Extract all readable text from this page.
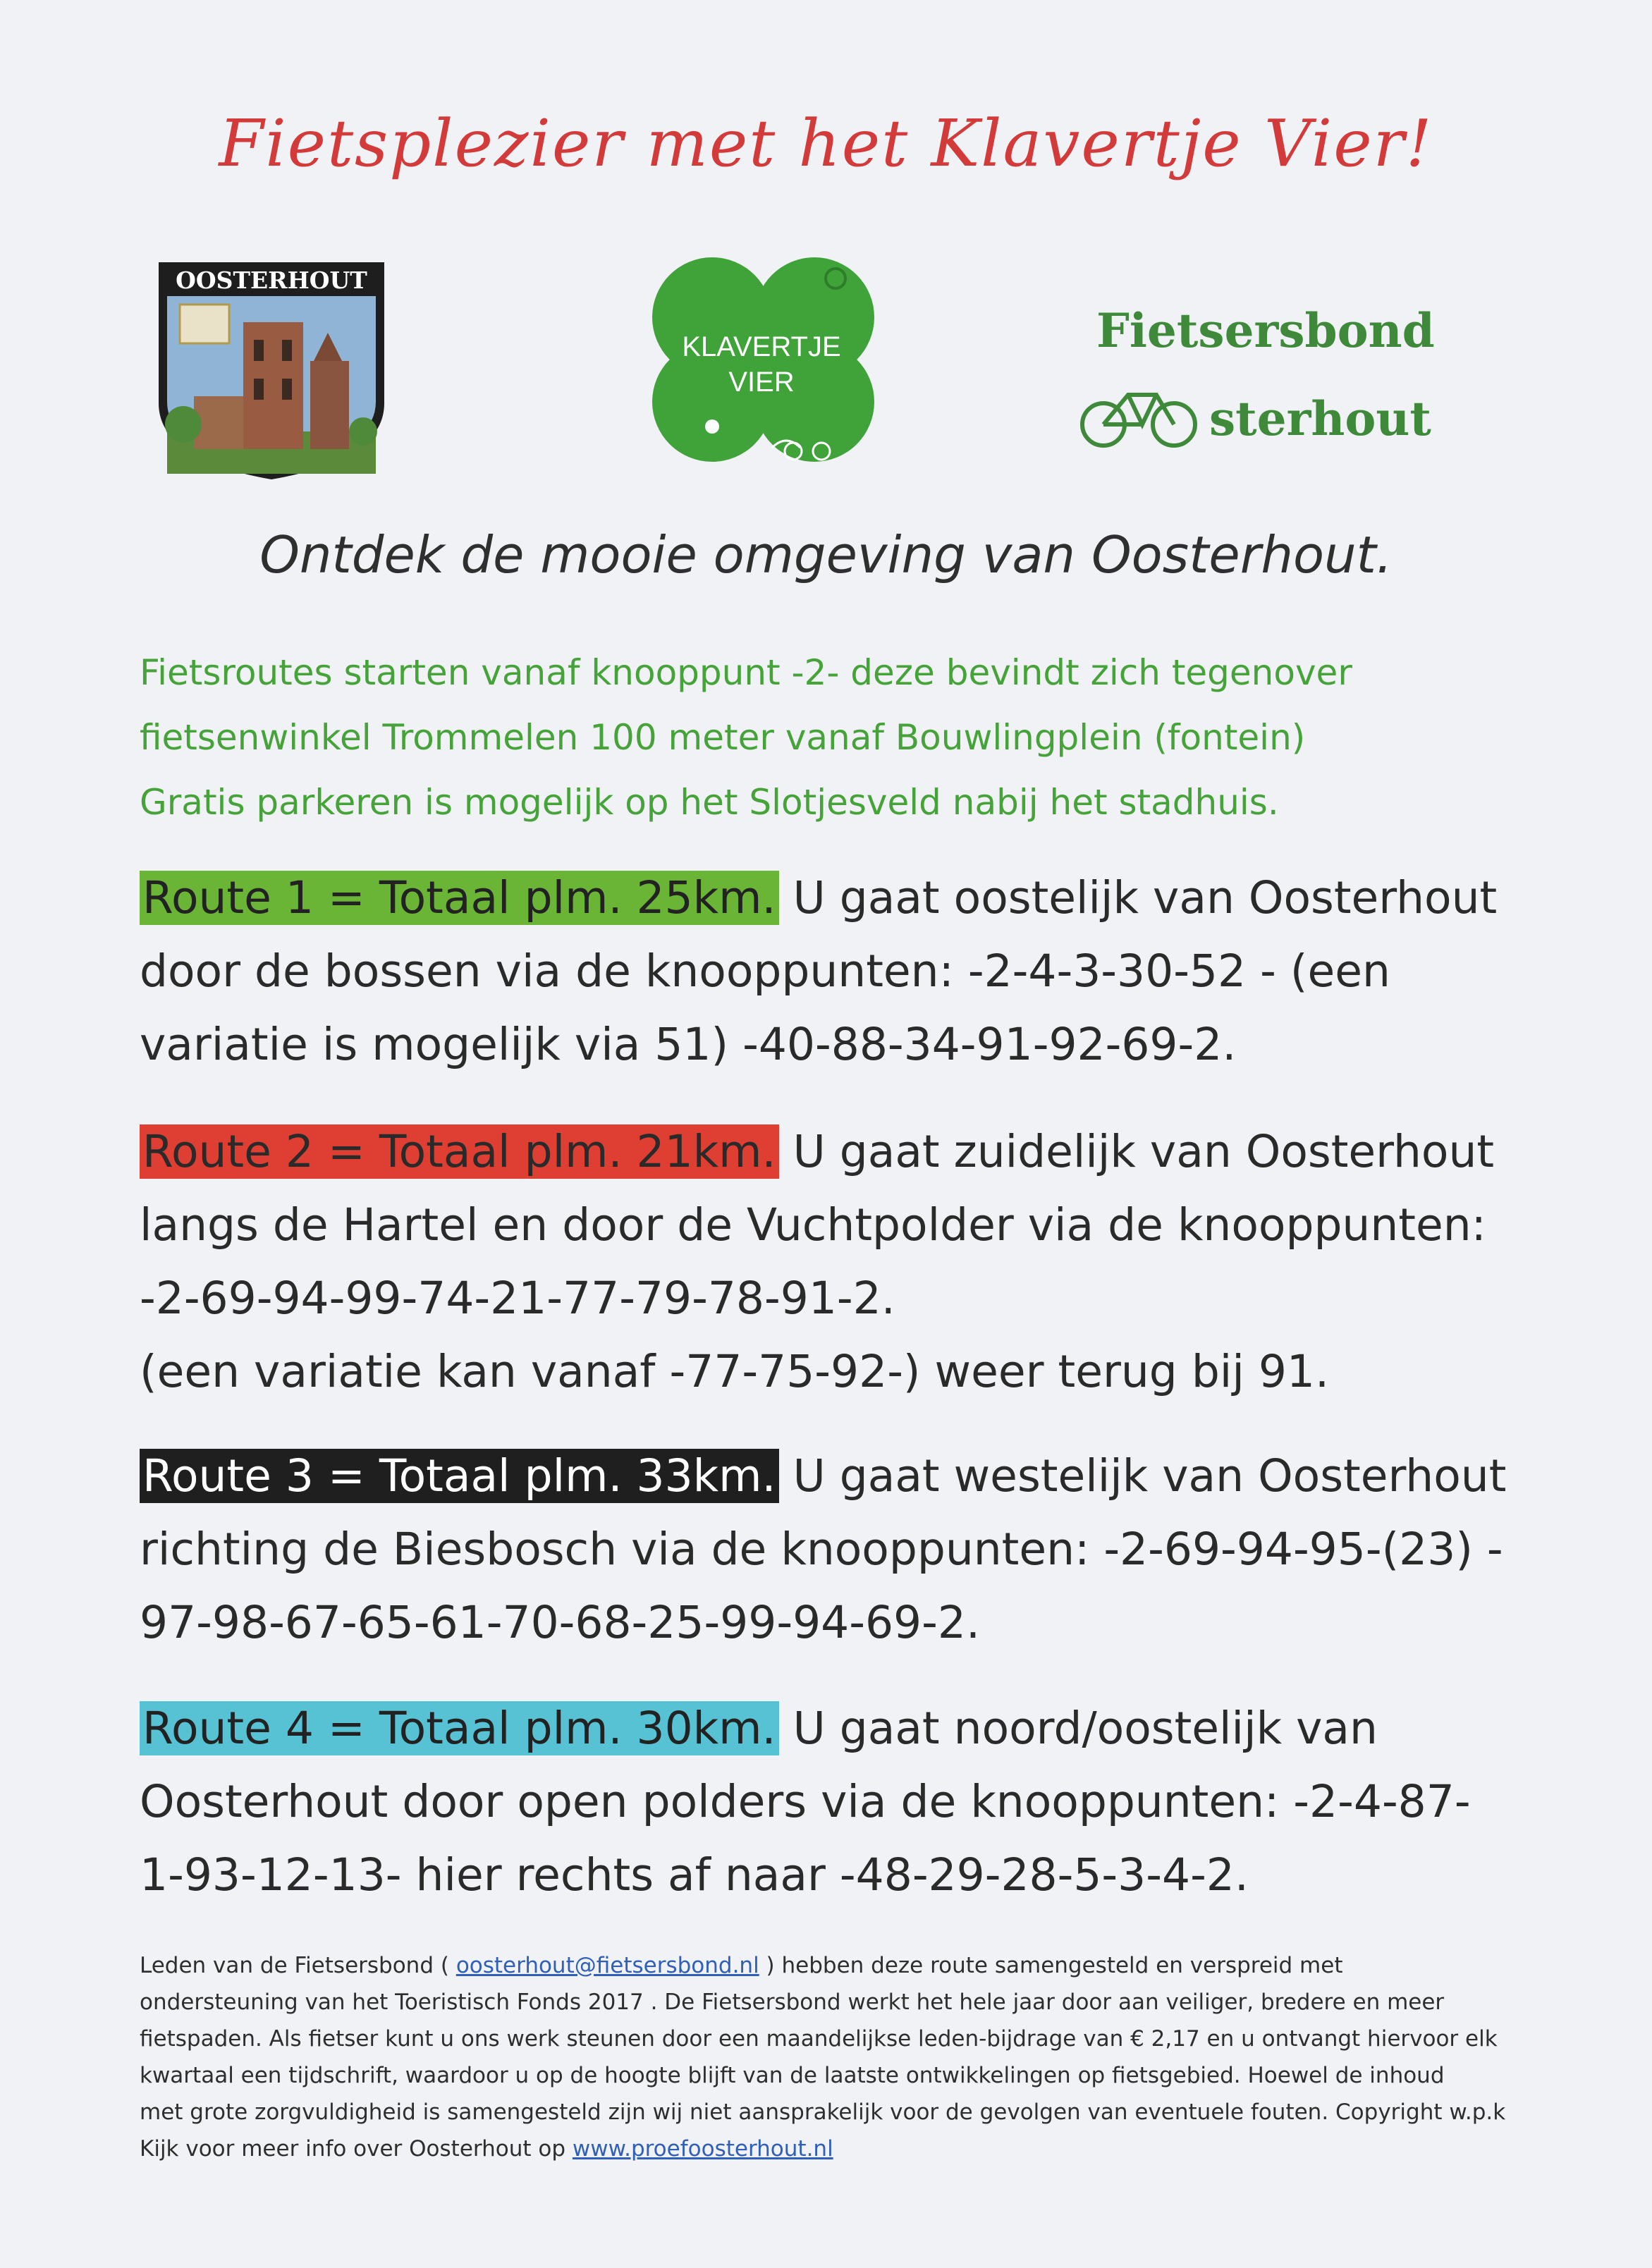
Fietsplezier met het Klavertje Vier!
OOSTERHOUT
KLAVERTJE
VIER
Fietsersbond
sterhout
Ontdek de mooie omgeving van Oosterhout.

Fietsroutes starten vanaf knooppunt -2- deze bevindt zich tegenover

fietsenwinkel Trommelen 100 meter vanaf Bouwlingplein (fontein)

Gratis parkeren is mogelijk op het Slotjesveld nabij het stadhuis.

Route 1 = Totaal plm. 25km. U gaat oostelijk van Oosterhout

door de bossen via de knooppunten: -2-4-3-30-52 - (een

variatie is mogelijk via 51) -40-88-34-91-92-69-2.

Route 2 = Totaal plm. 21km. U gaat zuidelijk van Oosterhout

langs de Hartel en door de Vuchtpolder via de knooppunten:

-2-69-94-99-74-21-77-79-78-91-2.

(een variatie kan vanaf -77-75-92-) weer terug bij 91.

Route 3 = Totaal plm. 33km. U gaat westelijk van Oosterhout

richting de Biesbosch via de knooppunten: -2-69-94-95-(23) -

97-98-67-65-61-70-68-25-99-94-69-2.

Route 4 = Totaal plm. 30km. U gaat noord/oostelijk van

Oosterhout door open polders via de knooppunten: -2-4-87-

1-93-12-13- hier rechts af naar -48-29-28-5-3-4-2.

Leden van de Fietsersbond ( oosterhout@fietsersbond.nl ) hebben deze route samengesteld en verspreid met

ondersteuning van het Toeristisch Fonds 2017 . De Fietsersbond werkt het hele jaar door aan veiliger, bredere en meer

fietspaden. Als fietser kunt u ons werk steunen door een maandelijkse leden-bijdrage van € 2,17 en u ontvangt hiervoor elk

kwartaal een tijdschrift, waardoor u op de hoogte blijft van de laatste ontwikkelingen op fietsgebied. Hoewel de inhoud

met grote zorgvuldigheid is samengesteld zijn wij niet aansprakelijk voor de gevolgen van eventuele fouten. Copyright w.p.k

Kijk voor meer info over Oosterhout op www.proefoosterhout.nl
